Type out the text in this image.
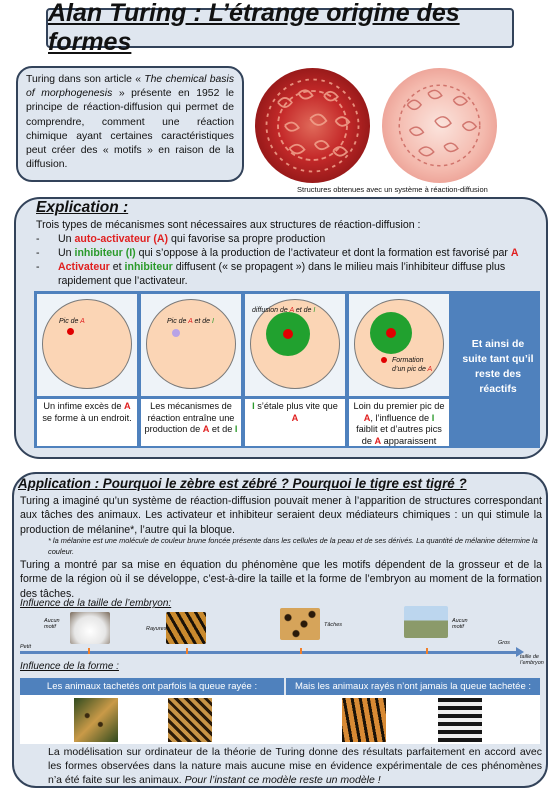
Alan Turing : L’étrange origine des formes
Turing dans son article « The chemical basis of morphogenesis » présente en 1952 le principe de réaction-diffusion qui permet de comprendre, comment une réaction chimique ayant certaines caractéristiques peut créer des « motifs » en raison de la diffusion.
Structures obtenues avec un système à réaction-diffusion
Explication :
Trois types de mécanismes sont nécessaires aux structures de réaction-diffusion :
-	Un auto-activateur (A) qui favorise sa propre production
-	Un inhibiteur (I) qui s’oppose à la production de l’activateur et dont la formation est favorisé par A
-	Activateur et inhibiteur diffusent (« se propagent ») dans le milieu mais l’inhibiteur diffuse plus rapidement que l’activateur.
Pic de A
Un infime excès de A se forme à un endroit.
Pic de A et de I
Les mécanismes de réaction entraîne une production de A et de I
diffusion de A et de I
I s’étale plus vite que A
Formation
d’un pic de A
Loin du premier pic de A, l’influence de I faiblit et d’autres pics de A apparaissent
Et ainsi de suite tant qu’il reste des réactifs
Application : Pourquoi le zèbre est zébré ? Pourquoi le tigre est tigré ?
Turing a imaginé qu’un système de réaction-diffusion pouvait mener à l’apparition de structures correspondant aux tâches des animaux. Les activateur et inhibiteur seraient deux médiateurs chimiques : un qui stimule la production de mélanine*, l’autre qui la bloque.
* la mélanine est une molécule de couleur brune foncée présente dans les cellules de la peau et de ses dérivés. La quantité de mélanine détermine la couleur.
Turing a montré par sa mise en équation du phénomène que les motifs dépendent de la grosseur et de la forme de la région où il se développe, c’est-à-dire la taille et la forme de l’embryon au moment de la formation des tâches.
Influence de la taille de l’embryon:
Petit
Gros
taille de l’embryon
Aucun motif	Rayures
Tâches
Aucun motif
Influence de la forme :
Les animaux tachetés ont parfois la queue rayée :	Mais les animaux rayés n’ont jamais la queue tachetée :
La modélisation sur ordinateur de la théorie de Turing donne des résultats parfaitement en accord avec les formes observées dans la nature mais aucune mise en évidence expérimentale de ces phénomènes n’a été faite sur les animaux. Pour l’instant ce modèle reste un modèle !
